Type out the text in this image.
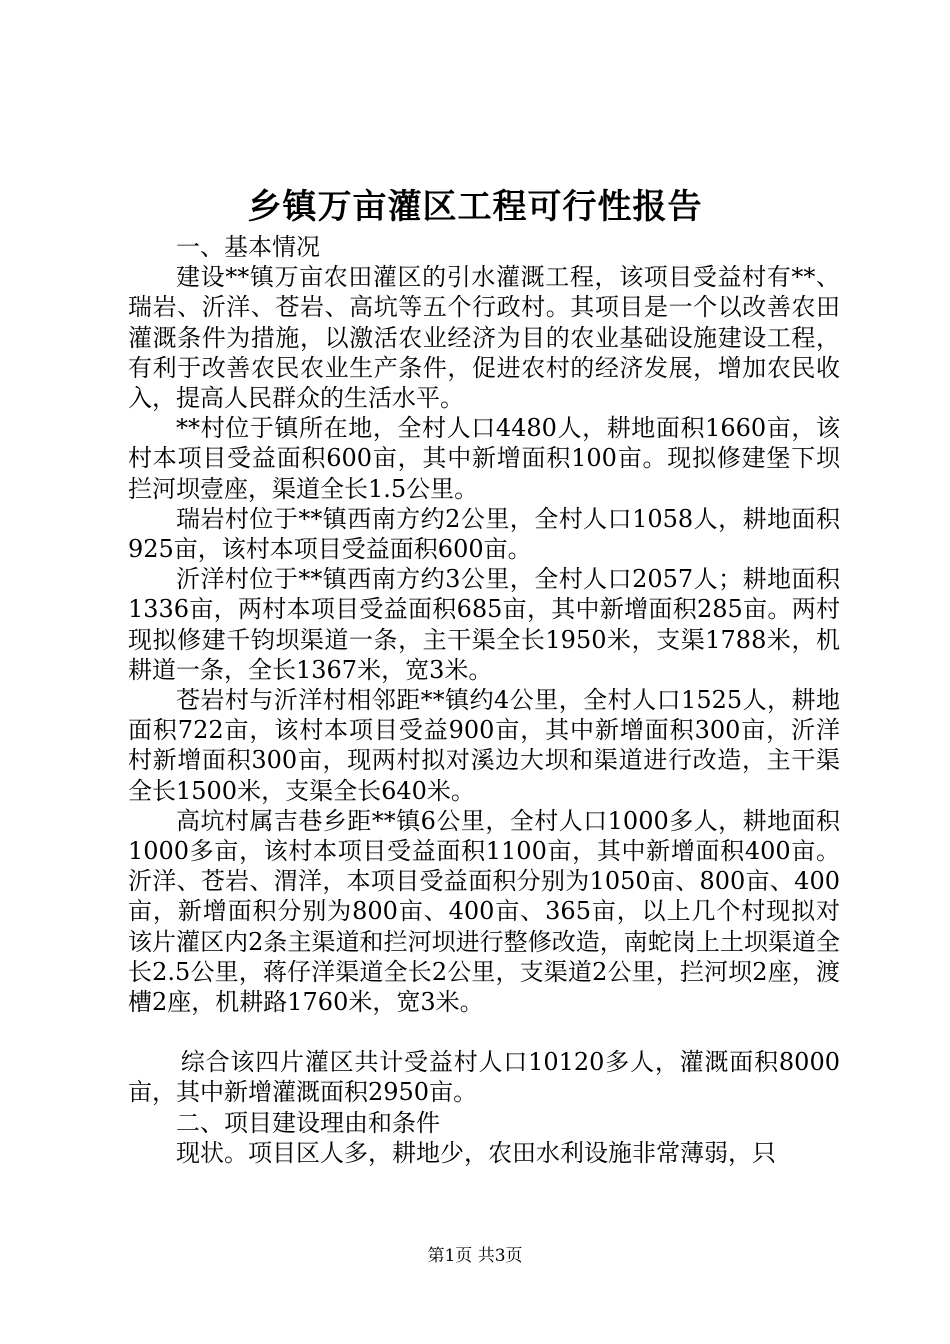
乡镇万亩灌区工程可行性报告

一、基本情况

建设**镇万亩农田灌区的引水灌溉工程，该项目受益村有**、瑞岩、沂洋、苍岩、高坑等五个行政村。其项目是一个以改善农田灌溉条件为措施，以激活农业经济为目的农业基础设施建设工程，有利于改善农民农业生产条件，促进农村的经济发展，增加农民收入，提高人民群众的生活水平。

**村位于镇所在地，全村人口4480人，耕地面积1660亩，该村本项目受益面积600亩，其中新增面积100亩。现拟修建堡下坝拦河坝壹座，渠道全长1.5公里。

瑞岩村位于**镇西南方约2公里，全村人口1058人，耕地面积925亩，该村本项目受益面积600亩。

沂洋村位于**镇西南方约3公里，全村人口2057人；耕地面积1336亩，两村本项目受益面积685亩，其中新增面积285亩。两村现拟修建千钧坝渠道一条，主干渠全长1950米，支渠1788米，机耕道一条，全长1367米，宽3米。

苍岩村与沂洋村相邻距**镇约4公里，全村人口1525人，耕地面积722亩，该村本项目受益900亩，其中新增面积300亩，沂洋村新增面积300亩，现两村拟对溪边大坝和渠道进行改造，主干渠全长1500米，支渠全长640米。

高坑村属吉巷乡距**镇6公里，全村人口1000多人，耕地面积1000多亩，该村本项目受益面积1100亩，其中新增面积400亩。沂洋、苍岩、渭洋，本项目受益面积分别为1050亩、800亩、400亩，新增面积分别为800亩、400亩、365亩，以上几个村现拟对该片灌区内2条主渠道和拦河坝进行整修改造，南蛇岗上土坝渠道全长2.5公里，蒋仔洋渠道全长2公里，支渠道2公里，拦河坝2座，渡槽2座，机耕路1760米，宽3米。

综合该四片灌区共计受益村人口10120多人，灌溉面积8000亩，其中新增灌溉面积2950亩。

二、项目建设理由和条件

现状。项目区人多，耕地少，农田水利设施非常薄弱，只

第1页 共3页
